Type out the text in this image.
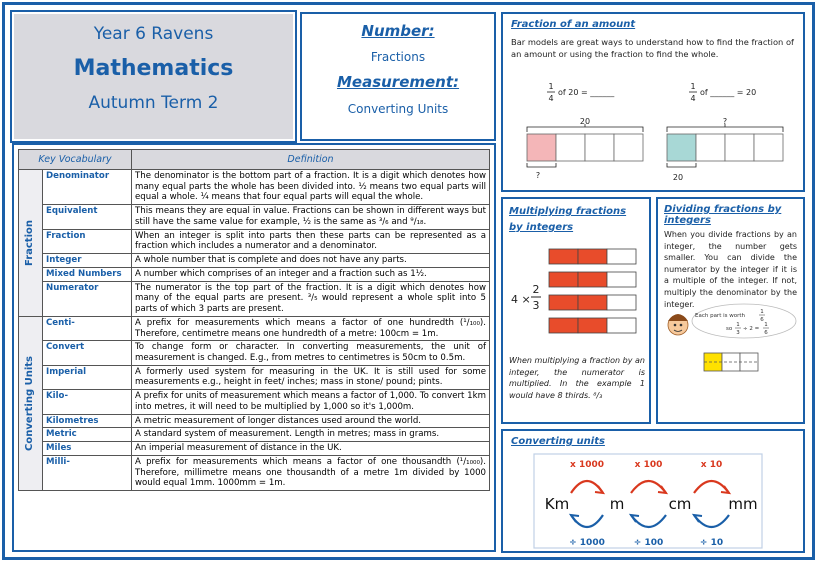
Year 6 Ravens
Mathematics
Autumn Term 2
Number:
Fractions
Measurement:
Converting Units
Key Vocabulary		Definition

Fraction	Denominator	The denominator is the bottom part of a fraction. It is a digit which denotes how many equal parts the whole has been divided into. ½ means two equal parts will equal a whole. ¼ means that four equal parts will equal the whole.
	Equivalent	This means they are equal in value. Fractions can be shown in different ways but still have the same value for example, ½ is the same as ³/₆ and ⁹/₁₈.
	Fraction	When an integer is split into parts then these parts can be represented as a fraction which includes a numerator and a denominator.
	Integer	A whole number that is complete and does not have any parts.
	Mixed Numbers	A number which comprises of an integer and a fraction such as 1½.
	Numerator	The numerator is the top part of the fraction. It is a digit which denotes how many of the equal parts are present. ³/₅ would represent a whole split into 5 parts of which 3 parts are present.

Converting Units	Centi-	A prefix for measurements which means a factor of one hundredth (¹/₁₀₀). Therefore, centimetre means one hundredth of a metre: 100cm = 1m.
	Convert	To change form or character. In converting measurements, the unit of measurement is changed. E.g., from metres to centimetres is 50cm to 0.5m.
	Imperial	A formerly used system for measuring in the UK. It is still used for some measurements e.g., height in feet/ inches; mass in stone/ pound; pints.
	Kilo-	A prefix for units of measurement which means a factor of 1,000. To convert 1km into metres, it will need to be multiplied by 1,000 so it's 1,000m.
	Kilometres	A metric measurement of longer distances used around the world.
	Metric	A standard system of measurement. Length in metres; mass in grams.
	Miles	An imperial measurement of distance in the UK.
	Milli-	A prefix for measurements which means a factor of one thousandth (¹/₁₀₀₀). Therefore, millimetre means one thousandth of a metre 1m divided by 1000 would equal 1mm. 1000mm = 1m.
Fraction of an amount
Bar models are great ways to understand how to find the fraction of an amount or using the fraction to find the whole.
1
4
of 20 = ______
1
4
of ______ = 20
20
?
?
20
Multiplying fractions by integers
4 ×
2
3
When multiplying a fraction by an integer, the numerator is multiplied. In the example 1 would have 8 thirds. ⁸/₃
Dividing fractions by integers
When you divide fractions by an integer, the number gets smaller. You can divide the numerator by the integer if it is a multiple of the integer. If not, multiply the denominator by the integer.
Each part is worth
1
6
so
1
3
÷ 2 =
1
6
Converting units
Km	m	cm mm
x 1000
÷ 1000
x 100
÷ 100
x 10
÷ 10
